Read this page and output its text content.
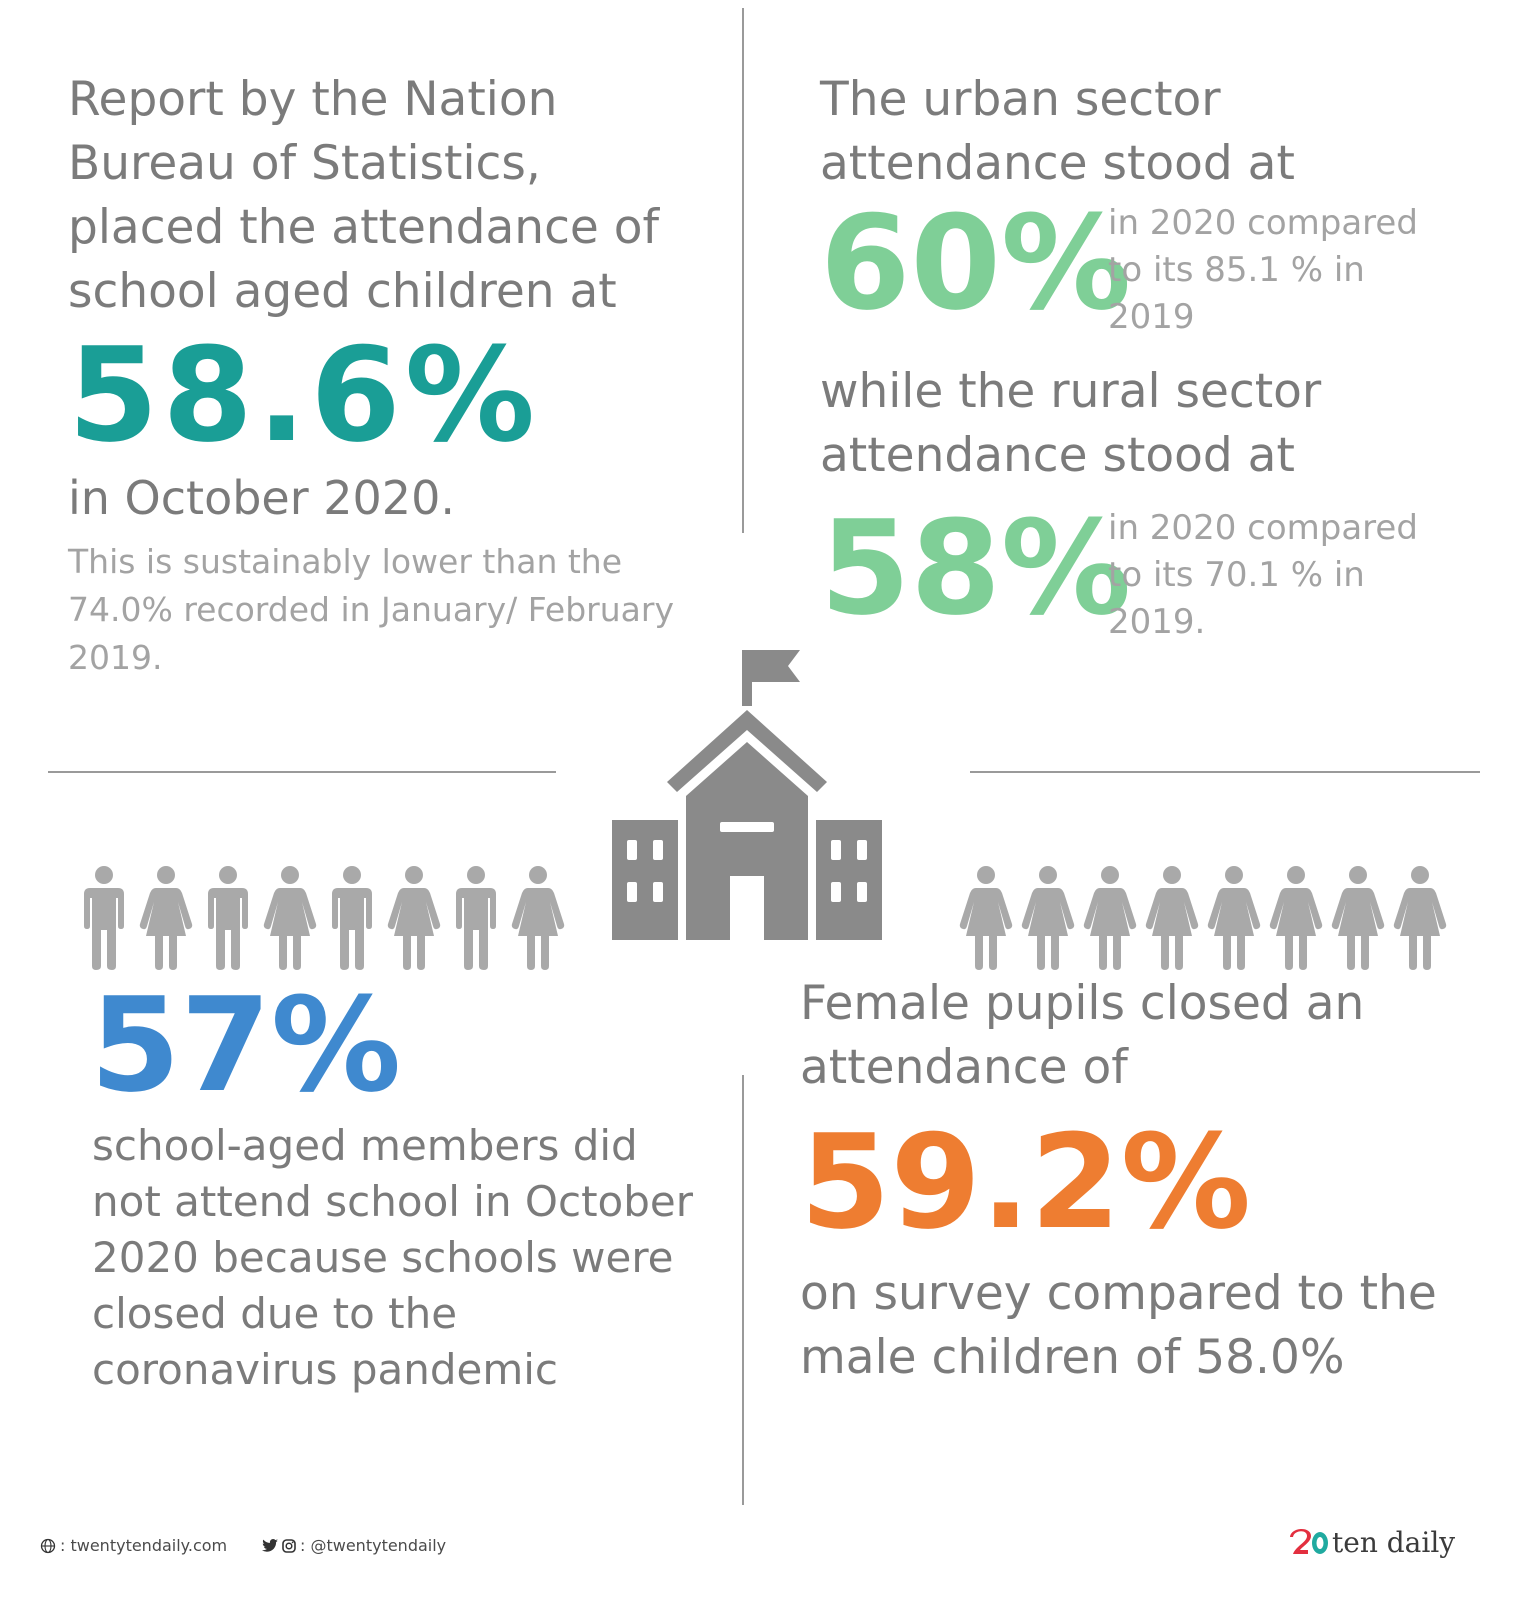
Report by the Nation Bureau of Statistics, placed the attendance of school aged children at
58.6%
in October 2020.
This is sustainably lower than the 74.0% recorded in January/ February 2019.
The urban sector attendance stood at
60%
in 2020 compared to its 85.1 % in 2019
while the rural sector attendance stood at
58%
in 2020 compared to its 70.1 % in 2019.
57%
school-aged members did not attend school in October 2020 because schools were closed due to the coronavirus pandemic
Female pupils closed an attendance of
59.2%
on survey compared to the male children of 58.0%
: twentytendaily.com	: @twentytendaily	ten daily
